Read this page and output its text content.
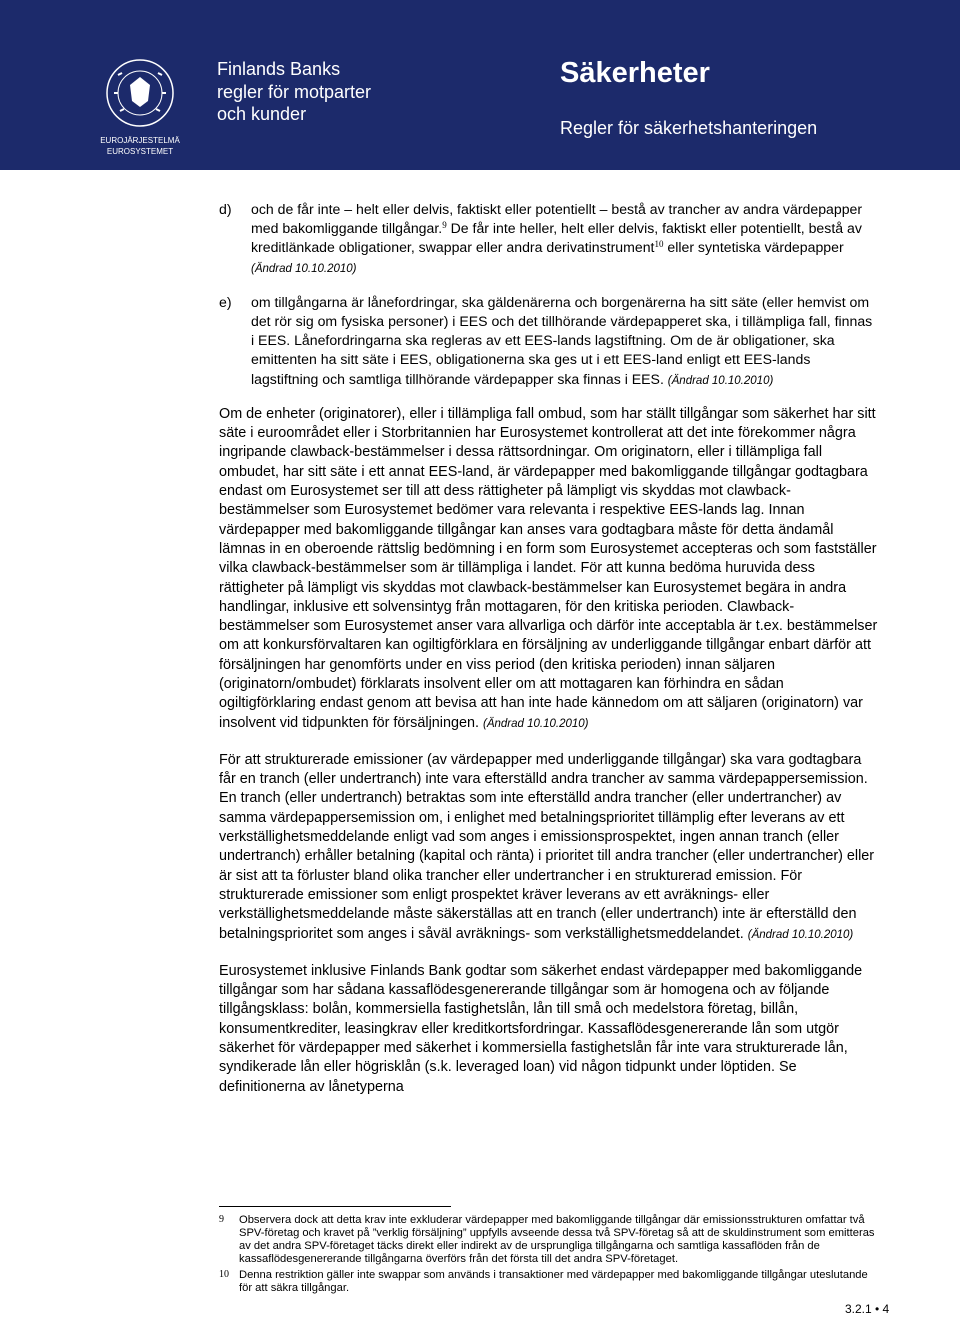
EUROJÄRJESTELMÄ
EUROSYSTEMET
Finlands Banks
regler för motparter
och kunder
Säkerheter
Regler för säkerhetshanteringen
d) och de får inte – helt eller delvis, faktiskt eller potentiellt – bestå av trancher av andra värdepapper med bakomliggande tillgångar.$^9$ De får inte heller, helt eller delvis, faktiskt eller potentiellt, bestå av kreditlänkade obligationer, swappar eller andra derivatinstrument$^{10}$ eller syntetiska värdepapper (Ändrad 10.10.2010)
e) om tillgångarna är lånefordringar, ska gäldenärerna och borgenärerna ha sitt säte (eller hemvist om det rör sig om fysiska personer) i EES och det tillhörande värdepapperet ska, i tillämpliga fall, finnas i EES. Lånefordringarna ska regleras av ett EES-lands lagstiftning. Om de är obligationer, ska emittenten ha sitt säte i EES, obligationerna ska ges ut i ett EES-land enligt ett EES-lands lagstiftning och samtliga tillhörande värdepapper ska finnas i EES. (Ändrad 10.10.2010)
Om de enheter (originatorer), eller i tillämpliga fall ombud, som har ställt tillgångar som säkerhet har sitt säte i euroområdet eller i Storbritannien har Eurosystemet kontrollerat att det inte förekommer några ingripande clawback-bestämmelser i dessa rättsordningar. Om originatorn, eller i tillämpliga fall ombudet, har sitt säte i ett annat EES-land, är värdepapper med bakomliggande tillgångar godtagbara endast om Eurosystemet ser till att dess rättigheter på lämpligt vis skyddas mot clawback-bestämmelser som Eurosystemet bedömer vara relevanta i respektive EES-lands lag. Innan värdepapper med bakomliggande tillgångar kan anses vara godtagbara måste för detta ändamål lämnas in en oberoende rättslig bedömning i en form som Eurosystemet accepteras och som fastställer vilka clawback-bestämmelser som är tillämpliga i landet. För att kunna bedöma huruvida dess rättigheter på lämpligt vis skyddas mot clawback-bestämmelser kan Eurosystemet begära in andra handlingar, inklusive ett solvensintyg från mottagaren, för den kritiska perioden. Clawback-bestämmelser som Eurosystemet anser vara allvarliga och därför inte acceptabla är t.ex. bestämmelser om att konkursförvaltaren kan ogiltigförklara en försäljning av underliggande tillgångar enbart därför att försäljningen har genomförts under en viss period (den kritiska perioden) innan säljaren (originatorn/ombudet) förklarats insolvent eller om att mottagaren kan förhindra en sådan ogiltigförklaring endast genom att bevisa att han inte hade kännedom om att säljaren (originatorn) var insolvent vid tidpunkten för försäljningen. (Ändrad 10.10.2010)
För att strukturerade emissioner (av värdepapper med underliggande tillgångar) ska vara godtagbara får en tranch (eller undertranch) inte vara efterställd andra trancher av samma värdepappersemission. En tranch (eller undertranch) betraktas som inte efterställd andra trancher (eller undertrancher) av samma värdepappersemission om, i enlighet med betalningsprioritet tillämplig efter leverans av ett verkställighetsmeddelande enligt vad som anges i emissionsprospektet, ingen annan tranch (eller undertranch) erhåller betalning (kapital och ränta) i prioritet till andra trancher (eller undertrancher) eller är sist att ta förluster bland olika trancher eller undertrancher i en strukturerad emission. För strukturerade emissioner som enligt prospektet kräver leverans av ett avräknings- eller verkställighetsmeddelande måste säkerställas att en tranch (eller undertranch) inte är efterställd den betalningsprioritet som anges i såväl avräknings- som verkställighetsmeddelandet. (Ändrad 10.10.2010)
Eurosystemet inklusive Finlands Bank godtar som säkerhet endast värdepapper med bakomliggande tillgångar som har sådana kassaflödesgenererande tillgångar som är homogena och av följande tillgångsklass: bolån, kommersiella fastighetslån, lån till små och medelstora företag, billån, konsumentkrediter, leasingkrav eller kreditkortsfordringar. Kassaflödesgenererande lån som utgör säkerhet för värdepapper med säkerhet i kommersiella fastighetslån får inte vara strukturerade lån, syndikerade lån eller högrisklån (s.k. leveraged loan) vid någon tidpunkt under löptiden. Se definitionerna av lånetyperna
9 Observera dock att detta krav inte exkluderar värdepapper med bakomliggande tillgångar där emissionsstrukturen omfattar två SPV-företag och kravet på ”verklig försäljning” uppfylls avseende dessa två SPV-företag så att de skuldinstrument som emitteras av det andra SPV-företaget täcks direkt eller indirekt av de ursprungliga tillgångarna och samtliga kassaflöden från de kassaflödesgenererande tillgångarna överförs från det första till det andra SPV-företaget.
10 Denna restriktion gäller inte swappar som används i transaktioner med värdepapper med bakomliggande tillgångar uteslutande för att säkra tillgångar.
3.2.1 • 4
